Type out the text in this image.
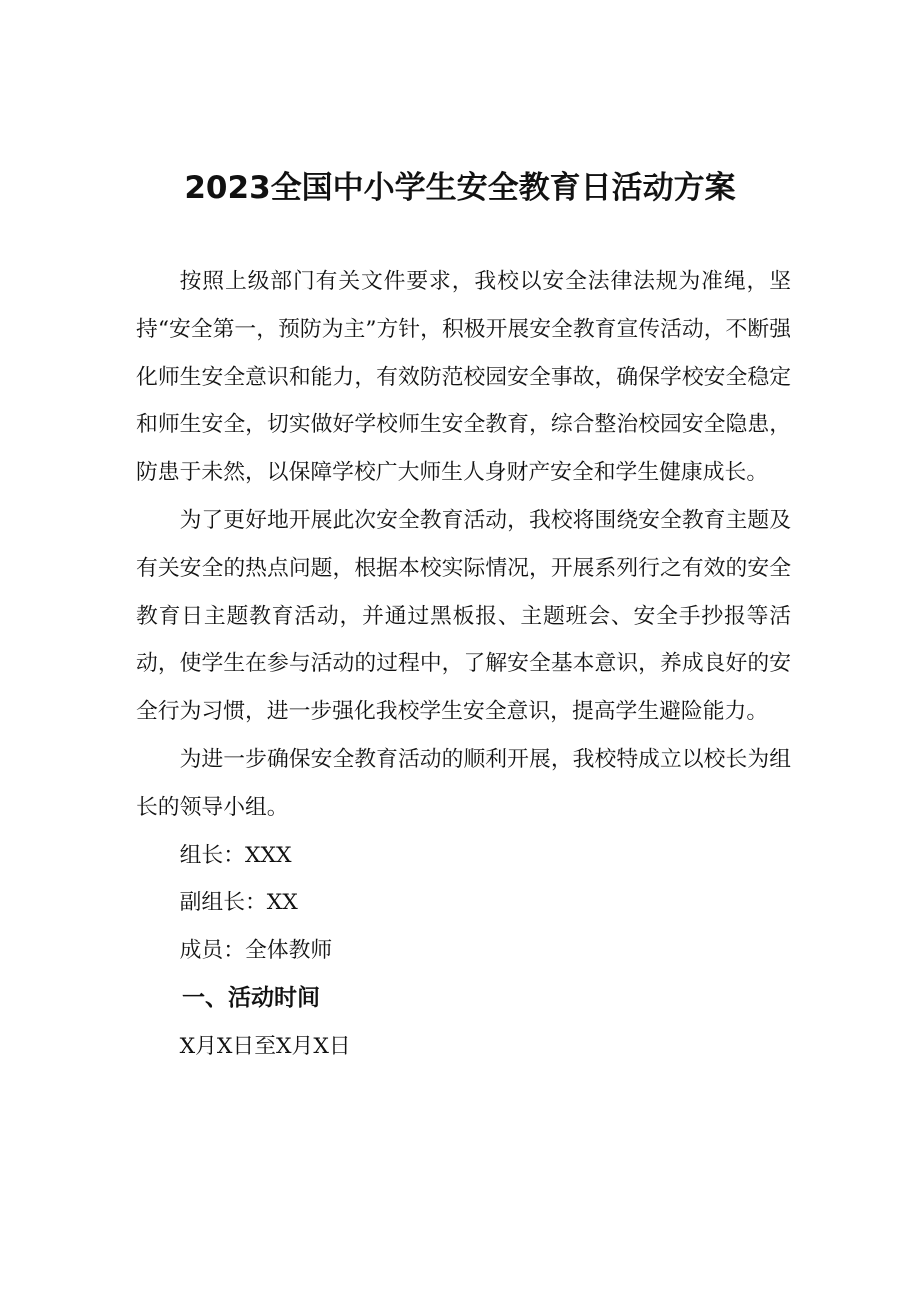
2023全国中小学生安全教育日活动方案

按照上级部门有关文件要求，我校以安全法律法规为准绳，坚持“安全第一，预防为主”方针，积极开展安全教育宣传活动，不断强化师生安全意识和能力，有效防范校园安全事故，确保学校安全稳定和师生安全，切实做好学校师生安全教育，综合整治校园安全隐患，防患于未然，以保障学校广大师生人身财产安全和学生健康成长。

为了更好地开展此次安全教育活动，我校将围绕安全教育主题及有关安全的热点问题，根据本校实际情况，开展系列行之有效的安全教育日主题教育活动，并通过黑板报、主题班会、安全手抄报等活动，使学生在参与活动的过程中，了解安全基本意识，养成良好的安全行为习惯，进一步强化我校学生安全意识，提高学生避险能力。

为进一步确保安全教育活动的顺利开展，我校特成立以校长为组长的领导小组。

组长：XXX
副组长：XX
成员：全体教师
一、活动时间
X月X日至X月X日
